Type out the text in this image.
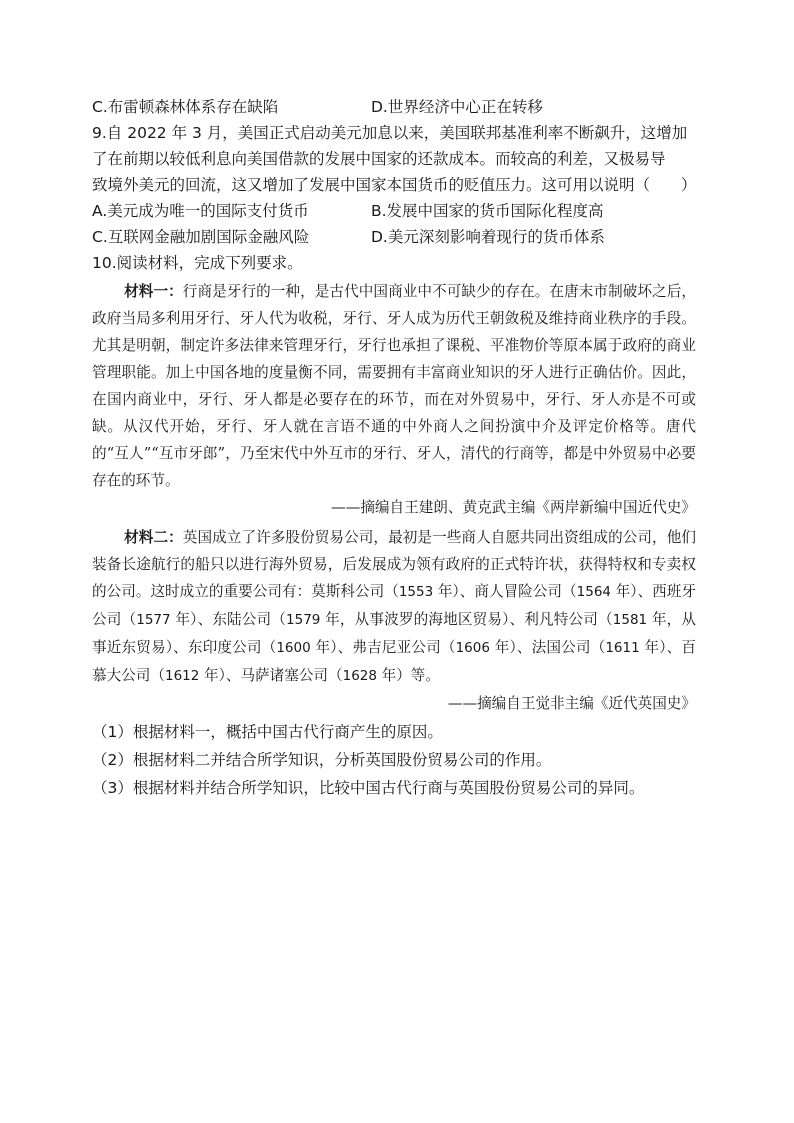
C.布雷顿森林体系存在缺陷	D.世界经济中心正在转移
9.自 2022 年 3 月，美国正式启动美元加息以来，美国联邦基准利率不断飙升，这增加
了在前期以较低利息向美国借款的发展中国家的还款成本。而较高的利差，又极易导
致境外美元的回流，这又增加了发展中国家本国货币的贬值压力。这可用以说明（　　）
A.美元成为唯一的国际支付货币	B.发展中国家的货币国际化程度高
C.互联网金融加剧国际金融风险	D.美元深刻影响着现行的货币体系
10.阅读材料，完成下列要求。
材料一：行商是牙行的一种，是古代中国商业中不可缺少的存在。在唐末市制破坏之后，政府当局多利用牙行、牙人代为收税，牙行、牙人成为历代王朝敛税及维持商业秩序的手段。尤其是明朝，制定许多法律来管理牙行，牙行也承担了课税、平准物价等原本属于政府的商业管理职能。加上中国各地的度量衡不同，需要拥有丰富商业知识的牙人进行正确估价。因此，在国内商业中，牙行、牙人都是必要存在的环节，而在对外贸易中，牙行、牙人亦是不可或缺。从汉代开始，牙行、牙人就在言语不通的中外商人之间扮演中介及评定价格等。唐代的“互人”“互市牙郎”，乃至宋代中外互市的牙行、牙人，清代的行商等，都是中外贸易中必要存在的环节。
——摘编自王建朗、黄克武主编《两岸新编中国近代史》
材料二：英国成立了许多股份贸易公司，最初是一些商人自愿共同出资组成的公司，他们装备长途航行的船只以进行海外贸易，后发展成为领有政府的正式特许状，获得特权和专卖权的公司。这时成立的重要公司有：莫斯科公司（1553 年）、商人冒险公司（1564 年）、西班牙公司（1577 年）、东陆公司（1579 年，从事波罗的海地区贸易）、利凡特公司（1581 年，从事近东贸易）、东印度公司（1600 年）、弗吉尼亚公司（1606 年）、法国公司（1611 年）、百慕大公司（1612 年）、马萨诸塞公司（1628 年）等。
——摘编自王觉非主编《近代英国史》
（1）根据材料一，概括中国古代行商产生的原因。
（2）根据材料二并结合所学知识，分析英国股份贸易公司的作用。
（3）根据材料并结合所学知识，比较中国古代行商与英国股份贸易公司的异同。
